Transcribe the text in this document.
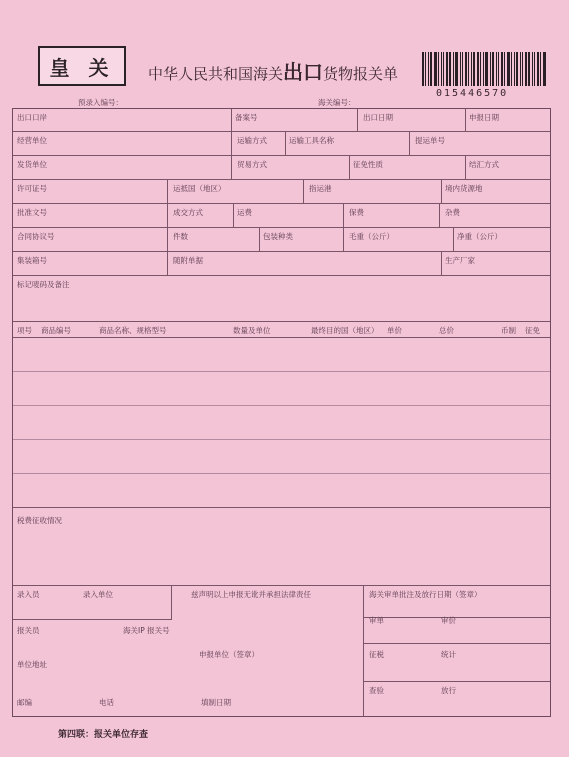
皇 关	中华人民共和国海关出口货物报关单
015446570
预录入编号：	海关编号：
出口口岸	备案号	出口日期	申报日期
经营单位	运输方式	运输工具名称	提运单号
发货单位	贸易方式	征免性质	结汇方式
许可证号	运抵国（地区）	指运港	境内货源地
批准文号	成交方式	运费	保费	杂费
合同协议号	件数	包装种类	毛重（公斤）	净重（公斤）
集装箱号	随附单据	生产厂家
标记唛码及备注
项号 商品编号	商品名称、规格型号	数量及单位	最终目的国（地区） 单价	总价	币制 征免
税费征收情况
录入员	录入单位	兹声明以上申报无讹并承担法律责任	海关审单批注及放行日期（签章）
审单	审价
报关员	海关IP 报关号
申报单位（签章）	征税	统计
单位地址
查验	放行
邮编	电话	填制日期
第四联：报关单位存查
